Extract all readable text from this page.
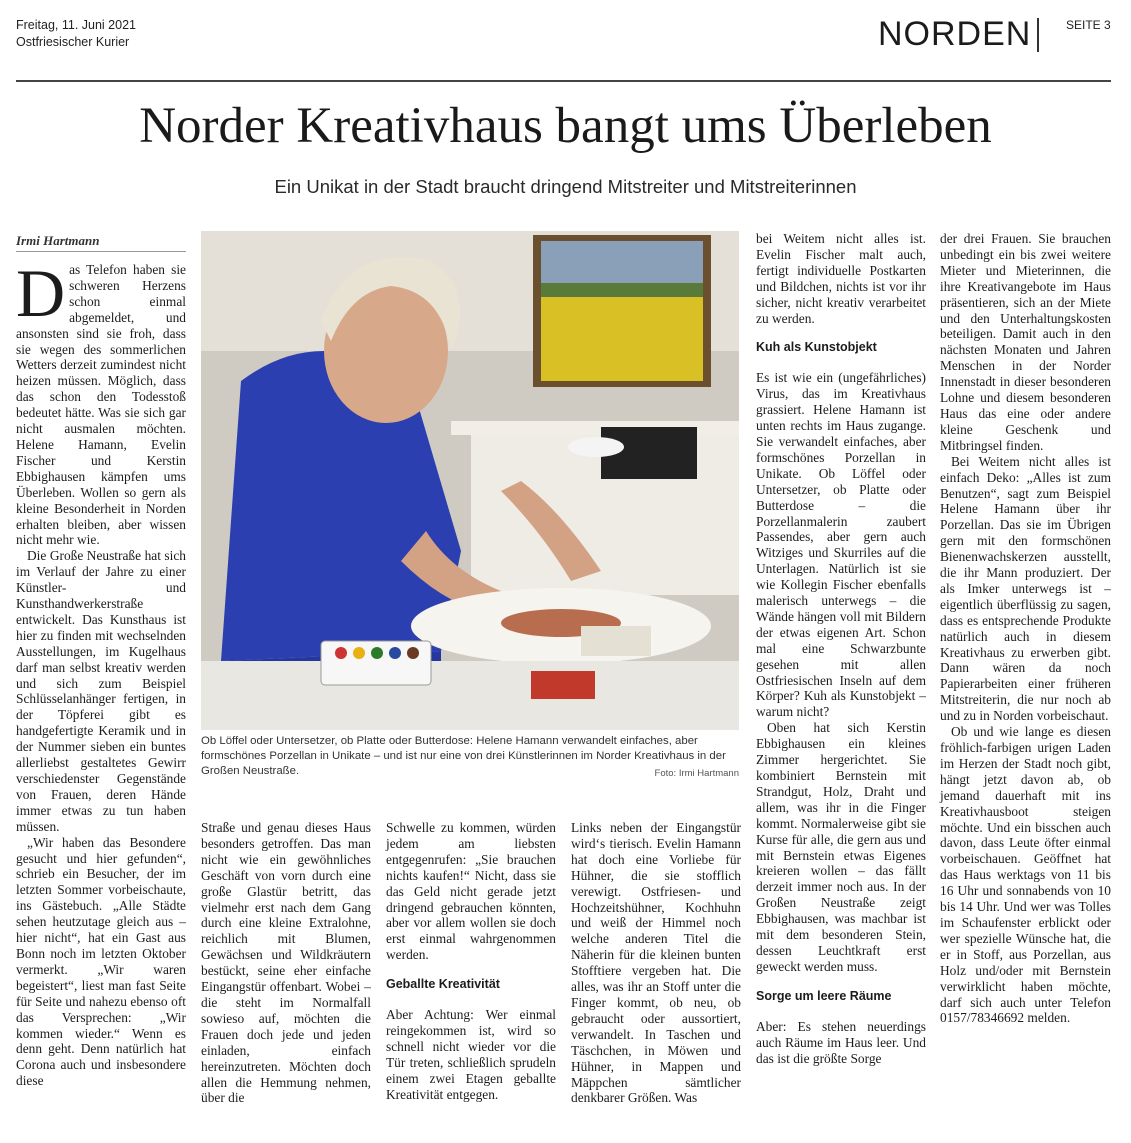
Freitag, 11. Juni 2021
Ostfriesischer Kurier	NORDEN	SEITE 3
Norder Kreativhaus bangt ums Überleben
Ein Unikat in der Stadt braucht dringend Mitstreiter und Mitstreiterinnen
Irmi Hartmann

Das Telefon haben sie schweren Herzens schon einmal abgemeldet, und ansonsten sind sie froh, dass sie wegen des sommerlichen Wetters derzeit zumindest nicht heizen müssen. Möglich, dass das schon den Todesstoß bedeutet hätte. Was sie sich gar nicht ausmalen möchten. Helene Hamann, Evelin Fischer und Kerstin Ebbighausen kämpfen ums Überleben. Wollen so gern als kleine Besonderheit in Norden erhalten bleiben, aber wissen nicht mehr wie.

Die Große Neustraße hat sich im Verlauf der Jahre zu einer Künstler- und Kunsthandwerkerstraße entwickelt. Das Kunsthaus ist hier zu finden mit wechselnden Ausstellungen, im Kugelhaus darf man selbst kreativ werden und sich zum Beispiel Schlüsselanhänger fertigen, in der Töpferei gibt es handgefertigte Keramik und in der Nummer sieben ein buntes allerliebst gestaltetes Gewirr verschiedenster Gegenstände von Frauen, deren Hände immer etwas zu tun haben müssen.

„Wir haben das Besondere gesucht und hier gefunden“, schrieb ein Besucher, der im letzten Sommer vorbeischaute, ins Gästebuch. „Alle Städte sehen heutzutage gleich aus – hier nicht“, hat ein Gast aus Bonn noch im letzten Oktober vermerkt. „Wir waren begeistert“, liest man fast Seite für Seite und nahezu ebenso oft das Versprechen: „Wir kommen wieder.“ Wenn es denn geht. Denn natürlich hat Corona auch und insbesondere diese

Ob Löffel oder Untersetzer, ob Platte oder Butterdose: Helene Hamann verwandelt einfaches, aber formschönes Porzellan in Unikate – und ist nur eine von drei Künstlerinnen im Norder Kreativhaus in der Großen Neustraße.	Foto: Irmi Hartmann

Straße und genau dieses Haus besonders getroffen. Das man nicht wie ein gewöhnliches Geschäft von vorn durch eine große Glastür betritt, das vielmehr erst nach dem Gang durch eine kleine Extralohne, reichlich mit Blumen, Gewächsen und Wildkräutern bestückt, seine eher einfache Eingangstür offenbart. Wobei – die steht im Normalfall sowieso auf, möchten die Frauen doch jede und jeden einladen, einfach hereinzutreten. Möchten doch allen die Hemmung nehmen, über die

Schwelle zu kommen, würden jedem am liebsten entgegenrufen: „Sie brauchen nichts kaufen!“ Nicht, dass sie das Geld nicht gerade jetzt dringend gebrauchen könnten, aber vor allem wollen sie doch erst einmal wahrgenommen werden.

Geballte Kreativität

Aber Achtung: Wer einmal reingekommen ist, wird so schnell nicht wieder vor die Tür treten, schließlich sprudeln einem zwei Etagen geballte Kreativität entgegen.

Links neben der Eingangstür wird‘s tierisch. Evelin Hamann hat doch eine Vorliebe für Hühner, die sie stofflich verewigt. Ostfriesen- und Hochzeitshühner, Kochhuhn und weiß der Himmel noch welche anderen Titel die Näherin für die kleinen bunten Stofftiere vergeben hat. Die alles, was ihr an Stoff unter die Finger kommt, ob neu, ob gebraucht oder aussortiert, verwandelt. In Taschen und Täschchen, in Möwen und Hühner, in Mappen und Mäppchen sämtlicher denkbarer Größen. Was

bei Weitem nicht alles ist. Evelin Fischer malt auch, fertigt individuelle Postkarten und Bildchen, nichts ist vor ihr sicher, nicht kreativ verarbeitet zu werden.

Kuh als Kunstobjekt

Es ist wie ein (ungefährliches) Virus, das im Kreativhaus grassiert. Helene Hamann ist unten rechts im Haus zugange. Sie verwandelt einfaches, aber formschönes Porzellan in Unikate. Ob Löffel oder Untersetzer, ob Platte oder Butterdose – die Porzellanmalerin zaubert Passendes, aber gern auch Witziges und Skurriles auf die Unterlagen. Natürlich ist sie wie Kollegin Fischer ebenfalls malerisch unterwegs – die Wände hängen voll mit Bildern der etwas eigenen Art. Schon mal eine Schwarzbunte gesehen mit allen Ostfriesischen Inseln auf dem Körper? Kuh als Kunstobjekt – warum nicht?

Oben hat sich Kerstin Ebbighausen ein kleines Zimmer hergerichtet. Sie kombiniert Bernstein mit Strandgut, Holz, Draht und allem, was ihr in die Finger kommt. Normalerweise gibt sie Kurse für alle, die gern aus und mit Bernstein etwas Eigenes kreieren wollen – das fällt derzeit immer noch aus. In der Großen Neustraße zeigt Ebbighausen, was machbar ist mit dem besonderen Stein, dessen Leuchtkraft erst geweckt werden muss.

Sorge um leere Räume

Aber: Es stehen neuerdings auch Räume im Haus leer. Und das ist die größte Sorge

der drei Frauen. Sie brauchen unbedingt ein bis zwei weitere Mieter und Mieterinnen, die ihre Kreativangebote im Haus präsentieren, sich an der Miete und den Unterhaltungskosten beteiligen. Damit auch in den nächsten Monaten und Jahren Menschen in der Norder Innenstadt in dieser besonderen Lohne und diesem besonderen Haus das eine oder andere kleine Geschenk und Mitbringsel finden.

Bei Weitem nicht alles ist einfach Deko: „Alles ist zum Benutzen“, sagt zum Beispiel Helene Hamann über ihr Porzellan. Das sie im Übrigen gern mit den formschönen Bienenwachskerzen ausstellt, die ihr Mann produziert. Der als Imker unterwegs ist – eigentlich überflüssig zu sagen, dass es entsprechende Produkte natürlich auch in diesem Kreativhaus zu erwerben gibt. Dann wären da noch Papierarbeiten einer früheren Mitstreiterin, die nur noch ab und zu in Norden vorbeischaut.

Ob und wie lange es diesen fröhlich-farbigen urigen Laden im Herzen der Stadt noch gibt, hängt jetzt davon ab, ob jemand dauerhaft mit ins Kreativhausboot steigen möchte. Und ein bisschen auch davon, dass Leute öfter einmal vorbeischauen. Geöffnet hat das Haus werktags von 11 bis 16 Uhr und sonnabends von 10 bis 14 Uhr. Und wer was Tolles im Schaufenster erblickt oder wer spezielle Wünsche hat, die er in Stoff, aus Porzellan, aus Holz und/oder mit Bernstein verwirklicht haben möchte, darf sich auch unter Telefon 0157/78346692 melden.
